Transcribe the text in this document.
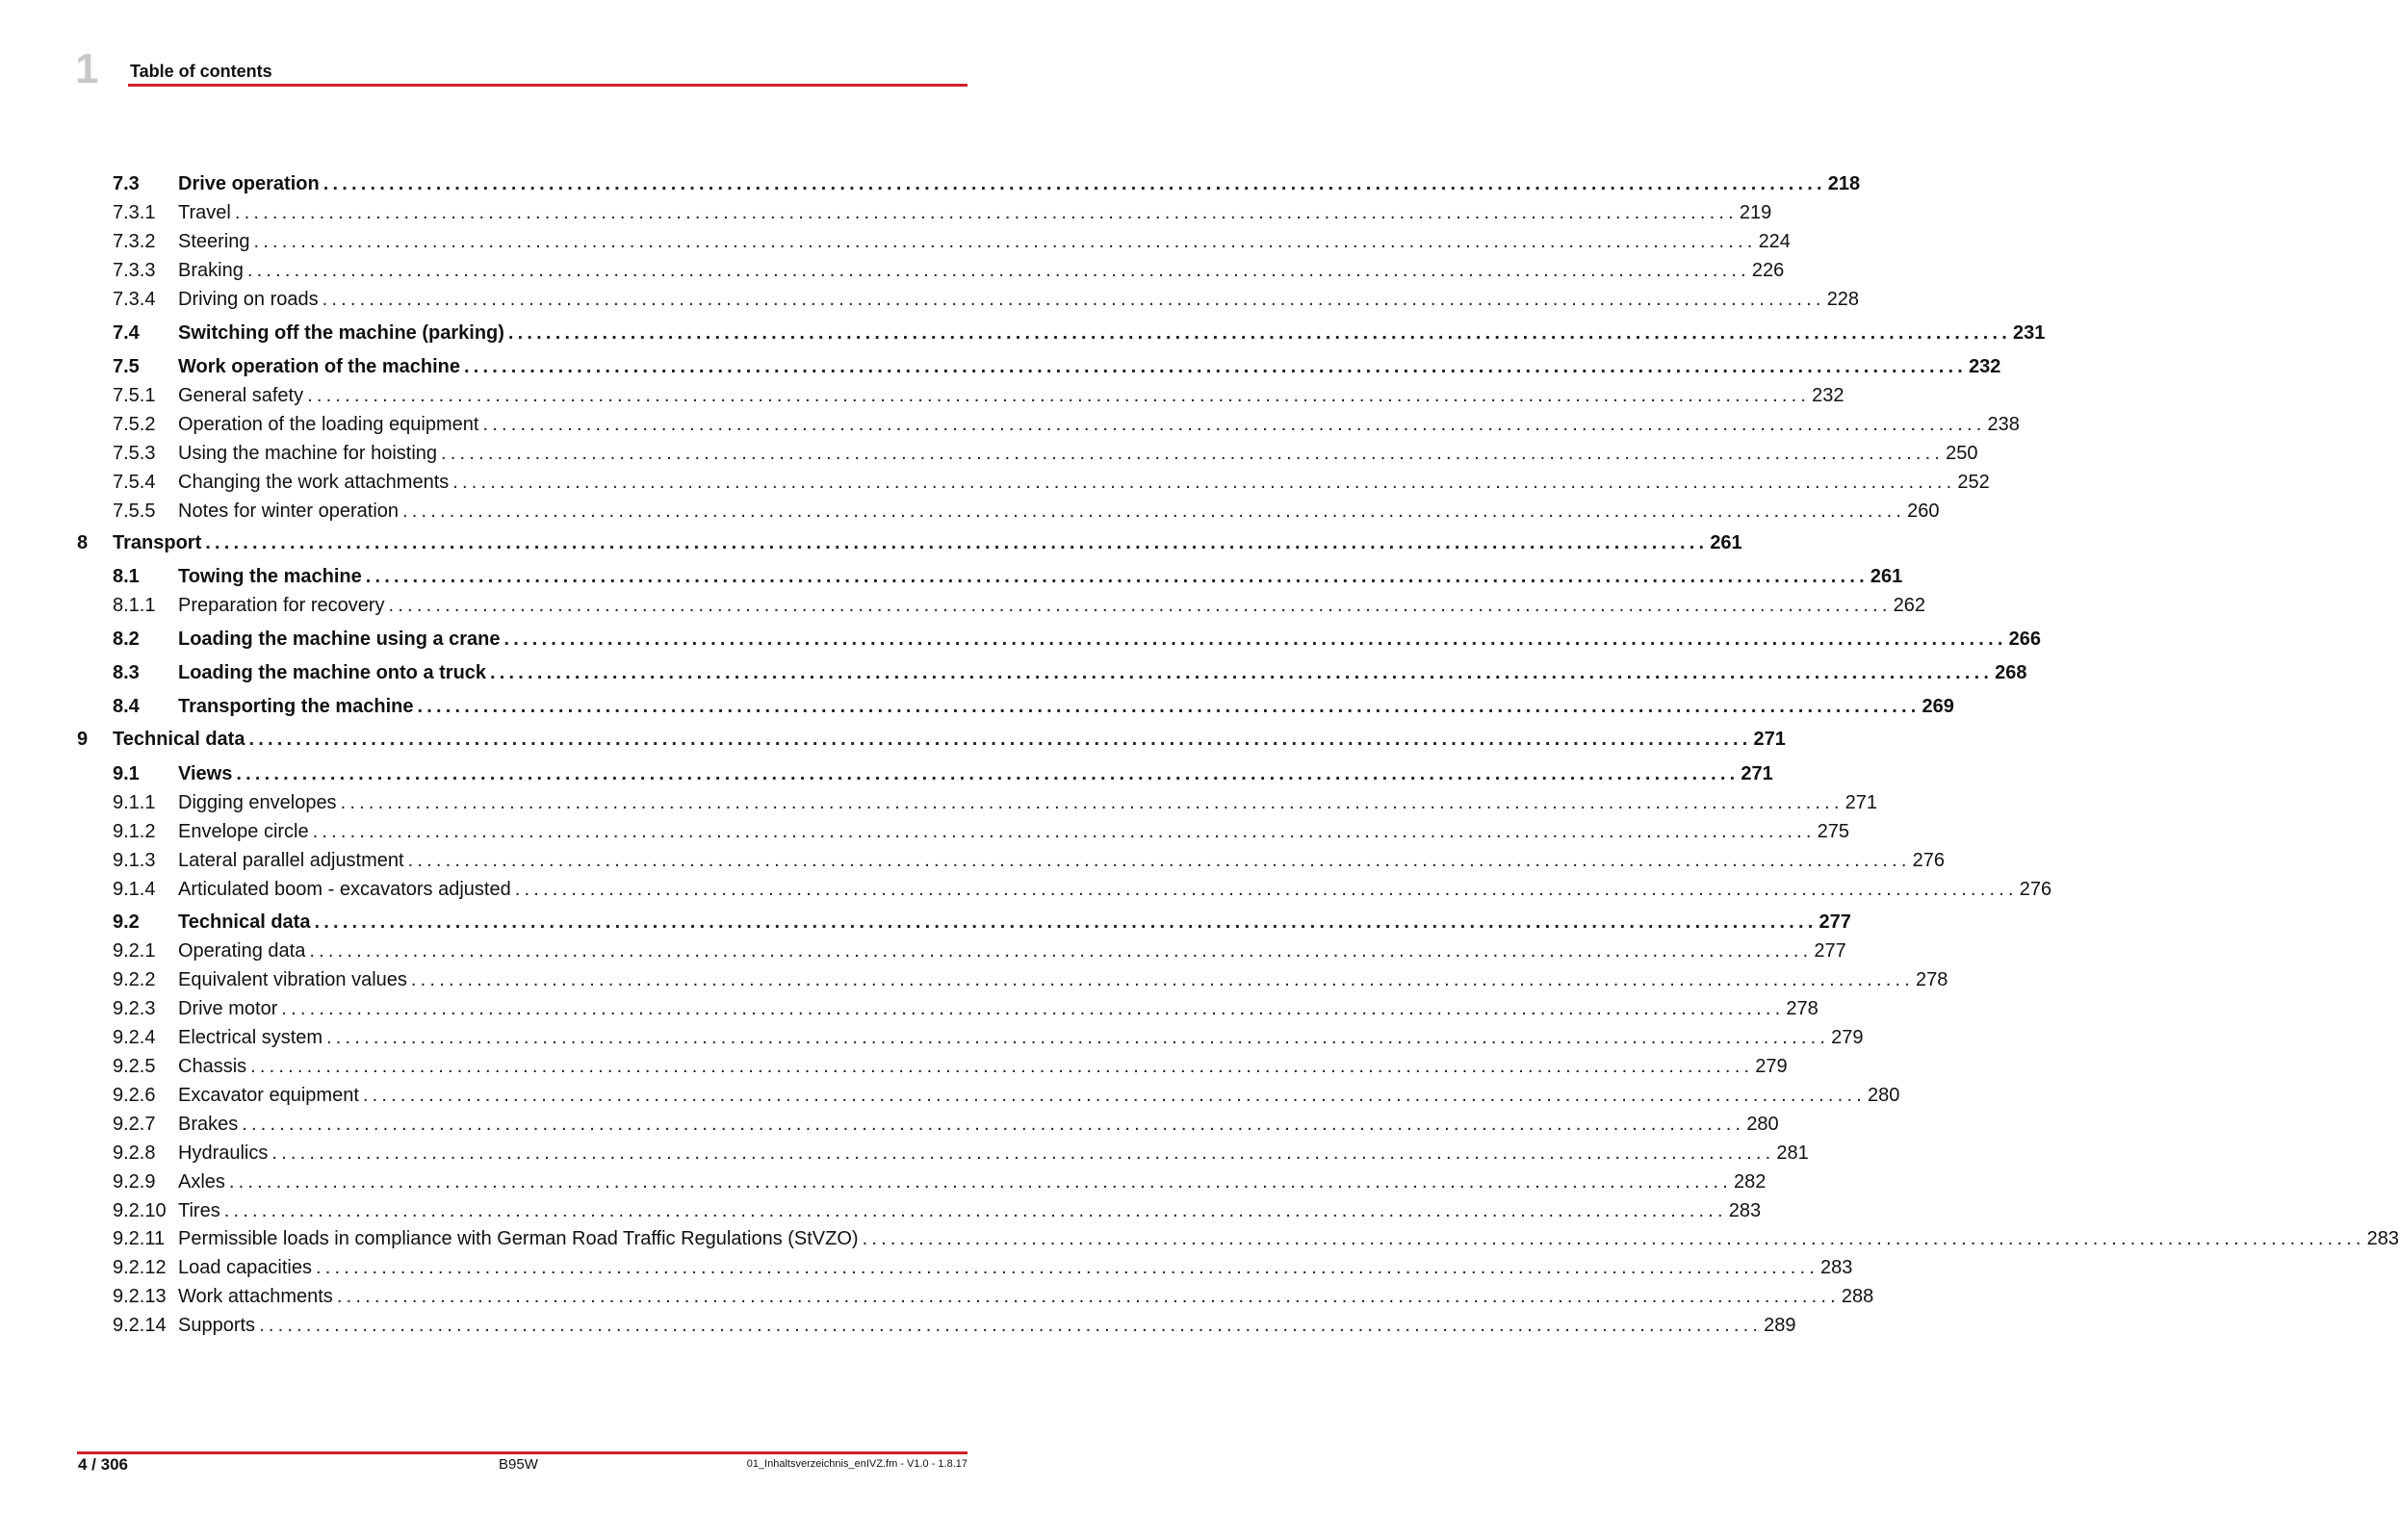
1 Table of contents
7.3 Drive operation ................................................................................................................................................................ 218
7.3.1 Travel ................................................................................................................................................................ 219
7.3.2 Steering ................................................................................................................................................................ 224
7.3.3 Braking ................................................................................................................................................................ 226
7.3.4 Driving on roads ................................................................................................................................................................ 228
7.4 Switching off the machine (parking) ................................................................................................................................................................ 231
7.5 Work operation of the machine ................................................................................................................................................................ 232
7.5.1 General safety ................................................................................................................................................................ 232
7.5.2 Operation of the loading equipment ................................................................................................................................................................ 238
7.5.3 Using the machine for hoisting ................................................................................................................................................................ 250
7.5.4 Changing the work attachments ................................................................................................................................................................ 252
7.5.5 Notes for winter operation ................................................................................................................................................................ 260
8 Transport ................................................................................................................................................................ 261
8.1 Towing the machine ................................................................................................................................................................ 261
8.1.1 Preparation for recovery ................................................................................................................................................................ 262
8.2 Loading the machine using a crane ................................................................................................................................................................ 266
8.3 Loading the machine onto a truck ................................................................................................................................................................ 268
8.4 Transporting the machine ................................................................................................................................................................ 269
9 Technical data ................................................................................................................................................................ 271
9.1 Views ................................................................................................................................................................ 271
9.1.1 Digging envelopes ................................................................................................................................................................ 271
9.1.2 Envelope circle ................................................................................................................................................................ 275
9.1.3 Lateral parallel adjustment ................................................................................................................................................................ 276
9.1.4 Articulated boom - excavators adjusted ................................................................................................................................................................ 276
9.2 Technical data ................................................................................................................................................................ 277
9.2.1 Operating data ................................................................................................................................................................ 277
9.2.2 Equivalent vibration values ................................................................................................................................................................ 278
9.2.3 Drive motor ................................................................................................................................................................ 278
9.2.4 Electrical system ................................................................................................................................................................ 279
9.2.5 Chassis ................................................................................................................................................................ 279
9.2.6 Excavator equipment ................................................................................................................................................................ 280
9.2.7 Brakes ................................................................................................................................................................ 280
9.2.8 Hydraulics ................................................................................................................................................................ 281
9.2.9 Axles ................................................................................................................................................................ 282
9.2.10 Tires ................................................................................................................................................................ 283
9.2.11 Permissible loads in compliance with German Road Traffic Regulations (StVZO) ................................................................................................................................................................ 283
9.2.12 Load capacities ................................................................................................................................................................ 283
9.2.13 Work attachments ................................................................................................................................................................ 288
9.2.14 Supports ................................................................................................................................................................ 289
4 / 306	B95W	01_Inhaltsverzeichnis_enIVZ.fm - V1.0 - 1.8.17
